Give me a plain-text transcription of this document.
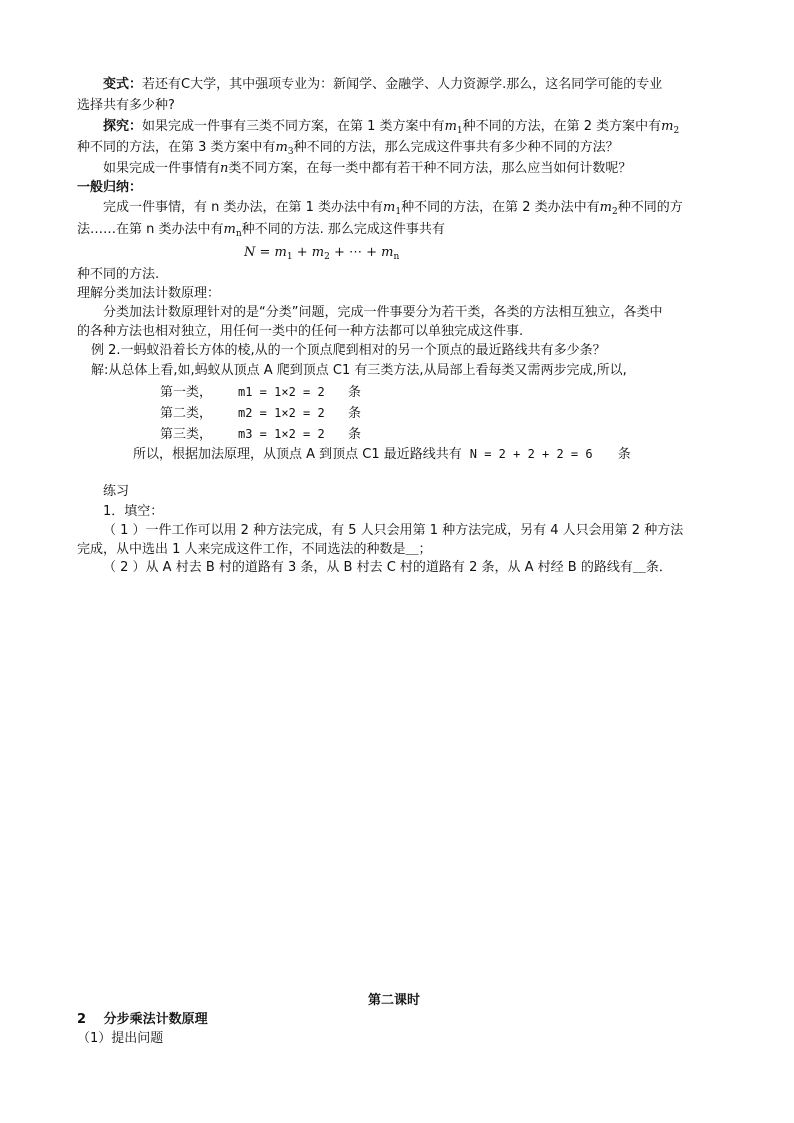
变式：若还有C大学，其中强项专业为：新闻学、金融学、人力资源学.那么，这名同学可能的专业
选择共有多少种?
探究：如果完成一件事有三类不同方案，在第 1 类方案中有$m_1$种不同的方法，在第 2 类方案中有$m_2$
种不同的方法，在第 3 类方案中有$m_3$种不同的方法，那么完成这件事共有多少种不同的方法？
如果完成一件事情有n类不同方案，在每一类中都有若干种不同方法，那么应当如何计数呢？
一般归纳：
完成一件事情，有 n 类办法，在第 1 类办法中有$m_1$种不同的方法，在第 2 类办法中有$m_2$种不同的方
法……在第 n 类办法中有$m_n$种不同的方法. 那么完成这件事共有
$N = m_1 + m_2$ + ⋯ + $m_n$
种不同的方法.
理解分类加法计数原理：
分类加法计数原理针对的是“分类”问题，完成一件事要分为若干类，各类的方法相互独立，各类中
的各种方法也相对独立，用任何一类中的任何一种方法都可以单独完成这件事.
例 2.一蚂蚁沿着长方体的棱,从的一个顶点爬到相对的另一个顶点的最近路线共有多少条？
解:从总体上看,如,蚂蚁从顶点 A 爬到顶点 C1 有三类方法,从局部上看每类又需两步完成,所以,
第一类， m1 = 1×2 = 2 条
第二类， m2 = 1×2 = 2 条
第三类， m3 = 1×2 = 2 条
所以，根据加法原理，从顶点 A 到顶点 C1 最近路线共有 N = 2 + 2 + 2 = 6 条
练习
1．填空：
（ 1 ）一件工作可以用 2 种方法完成，有 5 人只会用第 1 种方法完成，另有 4 人只会用第 2 种方法
完成，从中选出 1 人来完成这件工作，不同选法的种数是＿；
（ 2 ）从 A 村去 B 村的道路有 3 条，从 B 村去 C 村的道路有 2 条，从 A 村经 B 的路线有＿条．
第二课时
2　 分步乘法计数原理
（1）提出问题
